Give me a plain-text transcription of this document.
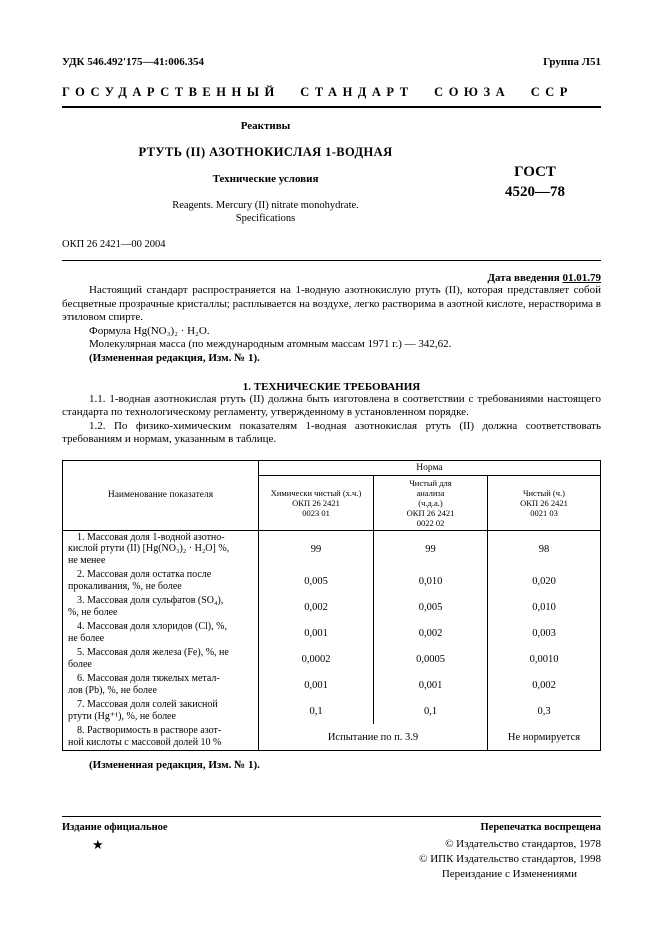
УДК 546.492'175—41:006.354	Группа Л51
ГОСУДАРСТВЕННЫЙ СТАНДАРТ СОЮЗА ССР
Реактивы
РТУТЬ (II) АЗОТНОКИСЛАЯ 1-ВОДНАЯ
Технические условия
Reagents. Mercury (II) nitrate monohydrate.
Specifications
ГОСТ
4520—78
ОКП 26 2421—00 2004
Дата введения 01.01.79

Настоящий стандарт распространяется на 1-водную азотнокислую ртуть (II), которая представляет собой бесцветные прозрачные кристаллы; расплывается на воздухе, легко растворима в азотной кислоте, нерастворима в этиловом спирте.

Формула Hg(NO₃)₂ · H₂O.

Молекулярная масса (по международным атомным массам 1971 г.) — 342,62.

(Измененная редакция, Изм. № 1).

1. ТЕХНИЧЕСКИЕ ТРЕБОВАНИЯ

1.1. 1-водная азотнокислая ртуть (II) должна быть изготовлена в соответствии с требованиями настоящего стандарта по технологическому регламенту, утвержденному в установленном порядке.

1.2. По физико-химическим показателям 1-водная азотнокислая ртуть (II) должна соответствовать требованиям и нормам, указанным в таблице.

Наименование показателя	Норма		
	Химически чистый (х.ч.)
ОКП 26 2421
0023 01	Чистый для
анализа
(ч.д.а.)
ОКП 26 2421
0022 02	Чистый (ч.)
ОКП 26 2421
0021 03
1. Массовая доля 1-водной азотно-
кислой ртути (II) [Hg(NO₃)₂ · H₂O] %,
не менее	99	99	98
2. Массовая доля остатка после
прокаливания, %, не более	0,005	0,010	0,020
3. Массовая доля сульфатов (SO₄),
%, не более	0,002	0,005	0,010
4. Массовая доля хлоридов (Cl), %,
не более	0,001	0,002	0,003
5. Массовая доля железа (Fe), %, не
более	0,0002	0,0005	0,0010
6. Массовая доля тяжелых метал-
лов (Pb), %, не более	0,001	0,001	0,002
7. Массовая доля солей закисной
ртути (Hg⁺¹), %, не более	0,1	0,1	0,3
8. Растворимость в растворе азот-
ной кислоты с массовой долей 10 %	Испытание по п. 3.9		Не нормируется

(Измененная редакция, Изм. № 1).

Издание официальное	Перепечатка воспрещена
★	© Издательство стандартов, 1978
© ИПК Издательство стандартов, 1998
Переиздание с Изменениями
